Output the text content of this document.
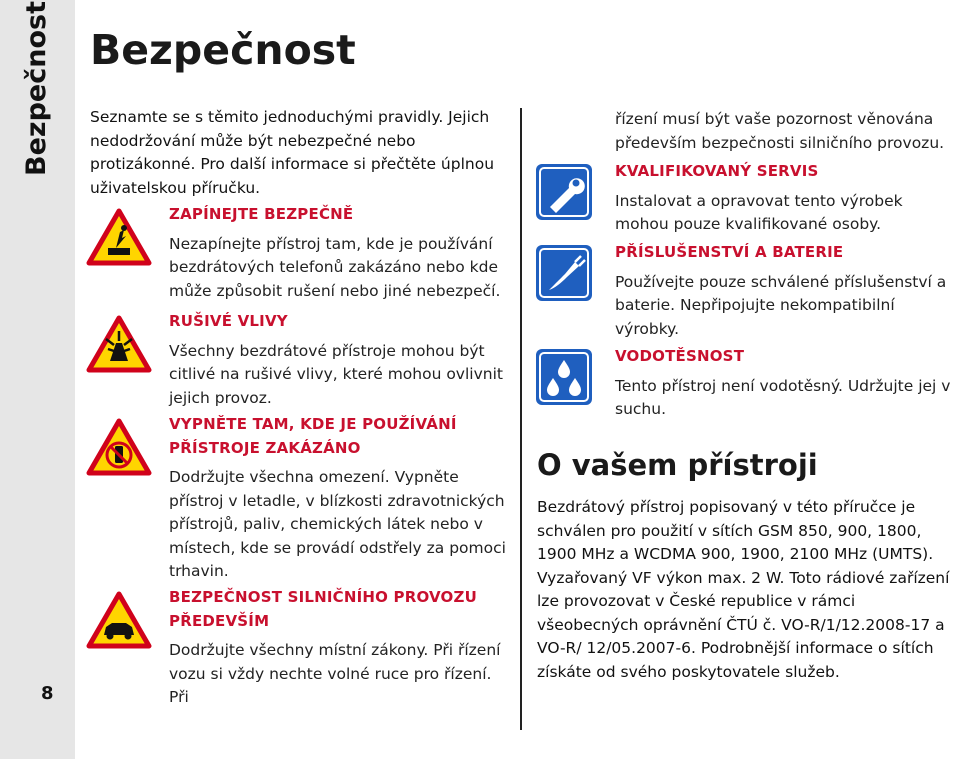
Bezpečnost
8
Bezpečnost

Seznamte se s těmito jednoduchými pravidly. Jejich nedodržování může být nebezpečné nebo protizákonné. Pro další informace si přečtěte úplnou uživatelskou příručku.

ZAPÍNEJTE BEZPEČNĚ

Nezapínejte přístroj tam, kde je používání bezdrátových telefonů zakázáno nebo kde může způsobit rušení nebo jiné nebezpečí.

RUŠIVÉ VLIVY

Všechny bezdrátové přístroje mohou být citlivé na rušivé vlivy, které mohou ovlivnit jejich provoz.

VYPNĚTE TAM, KDE JE POUŽÍVÁNÍ PŘÍSTROJE ZAKÁZÁNO

Dodržujte všechna omezení. Vypněte přístroj v letadle, v blízkosti zdravotnických přístrojů, paliv, chemických látek nebo v místech, kde se provádí odstřely za pomoci trhavin.

BEZPEČNOST SILNIČNÍHO PROVOZU PŘEDEVŠÍM

Dodržujte všechny místní zákony. Při řízení vozu si vždy nechte volné ruce pro řízení. Při

řízení musí být vaše pozornost věnována především bezpečnosti silničního provozu.

KVALIFIKOVANÝ SERVIS

Instalovat a opravovat tento výrobek mohou pouze kvalifikované osoby.

PŘÍSLUŠENSTVÍ A BATERIE

Používejte pouze schválené příslušenství a baterie. Nepřipojujte nekompatibilní výrobky.

VODOTĚSNOST

Tento přístroj není vodotěsný. Udržujte jej v suchu.

O vašem přístroji

Bezdrátový přístroj popisovaný v této příručce je schválen pro použití v sítích GSM 850, 900, 1800, 1900 MHz a WCDMA 900, 1900, 2100 MHz (UMTS). Vyzařovaný VF výkon max. 2 W. Toto rádiové zařízení lze provozovat v České republice v rámci všeobecných oprávnění ČTÚ č. VO-R/1/12.2008-17 a VO-R/ 12/05.2007-6. Podrobnější informace o sítích získáte od svého poskytovatele služeb.
